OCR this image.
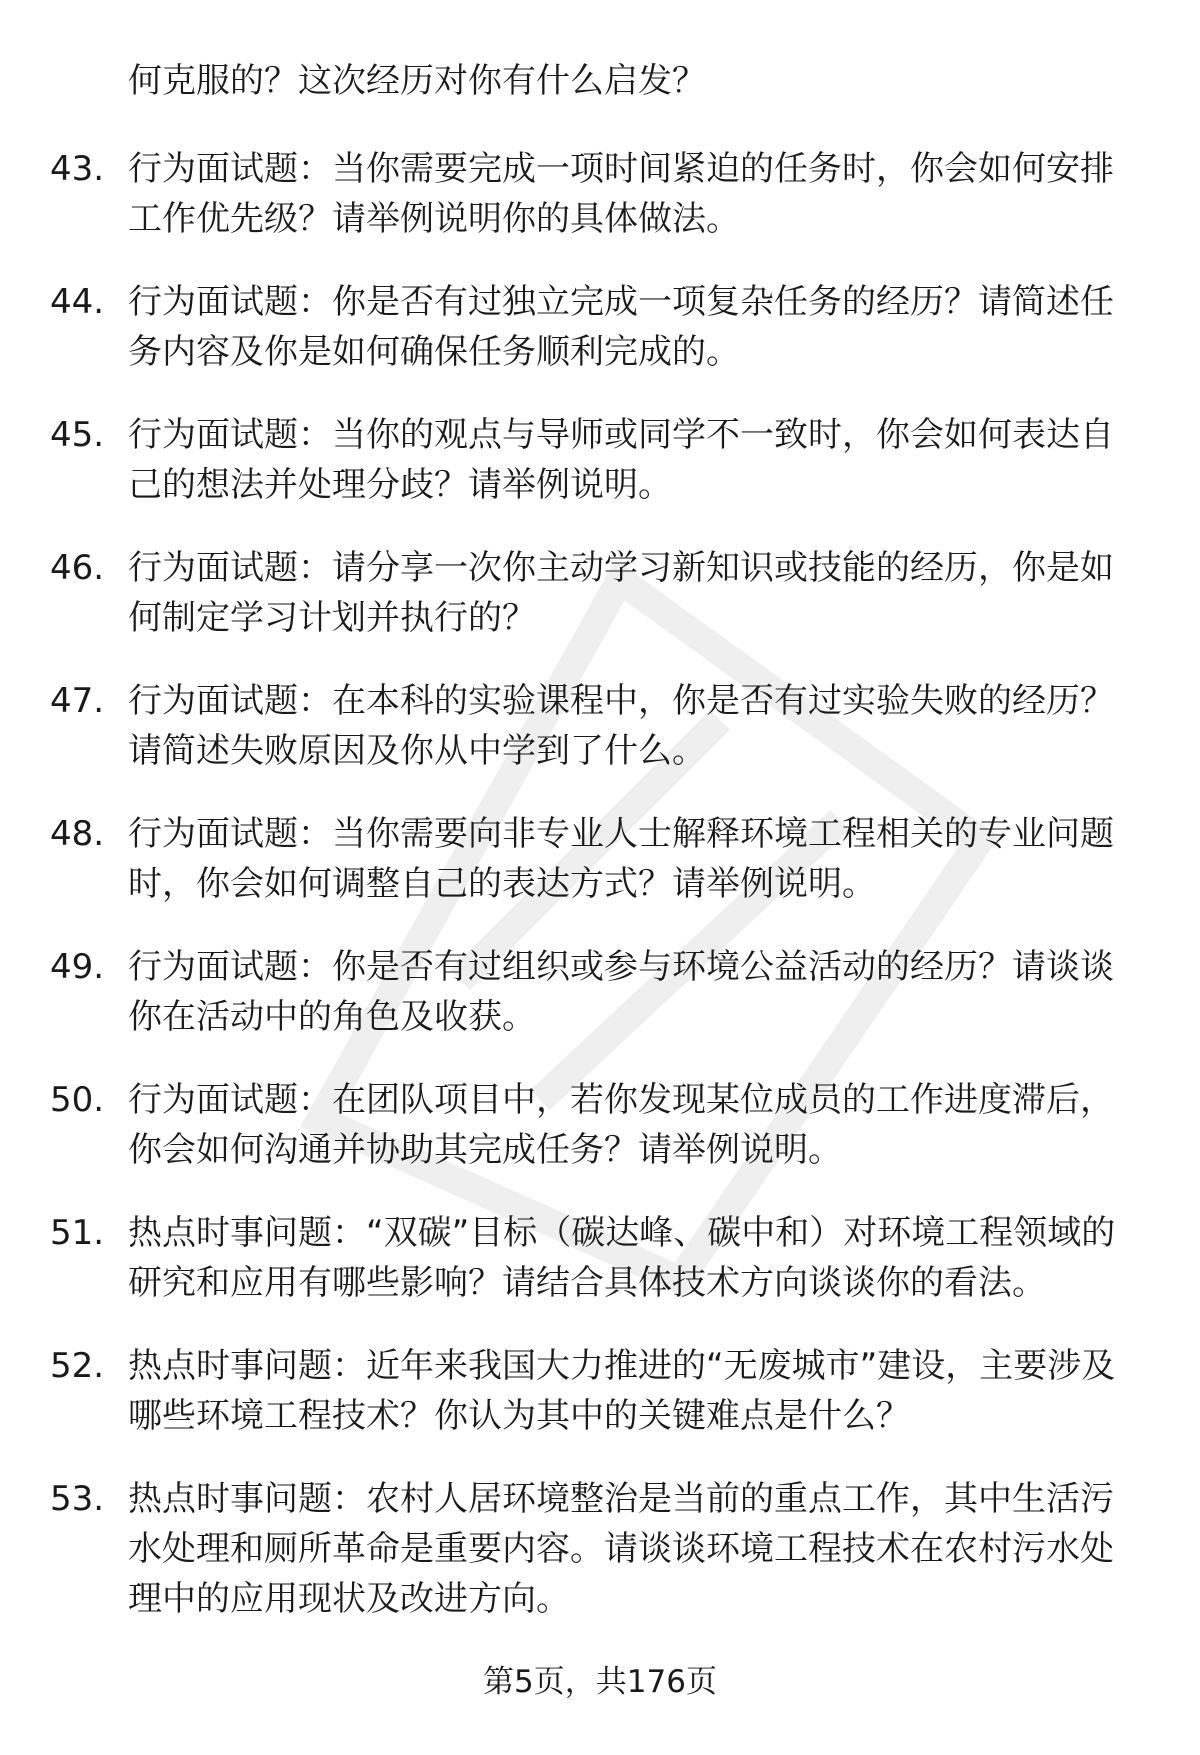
何克服的？这次经历对你有什么启发？
43. 行为面试题：当你需要完成一项时间紧迫的任务时，你会如何安排工作优先级？请举例说明你的具体做法。
44. 行为面试题：你是否有过独立完成一项复杂任务的经历？请简述任务内容及你是如何确保任务顺利完成的。
45. 行为面试题：当你的观点与导师或同学不一致时，你会如何表达自己的想法并处理分歧？请举例说明。
46. 行为面试题：请分享一次你主动学习新知识或技能的经历，你是如何制定学习计划并执行的？
47. 行为面试题：在本科的实验课程中，你是否有过实验失败的经历？请简述失败原因及你从中学到了什么。
48. 行为面试题：当你需要向非专业人士解释环境工程相关的专业问题时，你会如何调整自己的表达方式？请举例说明。
49. 行为面试题：你是否有过组织或参与环境公益活动的经历？请谈谈你在活动中的角色及收获。
50. 行为面试题：在团队项目中，若你发现某位成员的工作进度滞后，你会如何沟通并协助其完成任务？请举例说明。
51. 热点时事问题：“双碳”目标（碳达峰、碳中和）对环境工程领域的研究和应用有哪些影响？请结合具体技术方向谈谈你的看法。
52. 热点时事问题：近年来我国大力推进的“无废城市”建设，主要涉及哪些环境工程技术？你认为其中的关键难点是什么？
53. 热点时事问题：农村人居环境整治是当前的重点工作，其中生活污水处理和厕所革命是重要内容。请谈谈环境工程技术在农村污水处理中的应用现状及改进方向。
第5页，共176页
